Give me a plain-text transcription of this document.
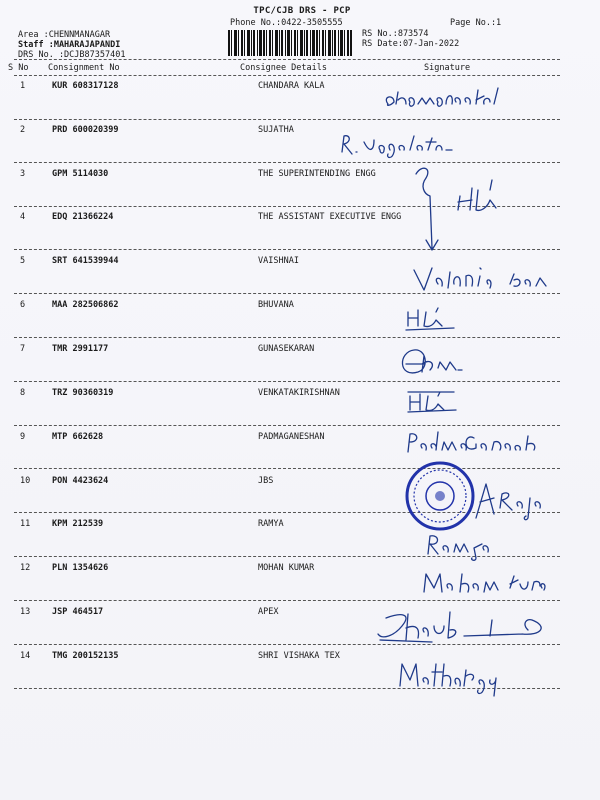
TPC/CJB DRS - PCP
Phone No.:0422-3505555
Area :CHENNMANAGAR
Staff :MAHARAJAPANDI
DRS No. :DCJB87357401
Page No.:1
RS No.:873574
RS Date:07-Jan-2022
S No Consignment No	Consignee Details	Signature
1	KUR 608317128	CHANDARA KALA
2	PRD 600020399	SUJATHA
3	GPM 5114030	THE SUPERINTENDING ENGG
4	EDQ 21366224	THE ASSISTANT EXECUTIVE ENGG
5	SRT 641539944	VAISHNAI
6	MAA 282506862	BHUVANA
7	TMR 2991177	GUNASEKARAN
8	TRZ 90360319	VENKATAKIRISHNAN
9	MTP 662628	PADMAGANESHAN
10	PON 4423624	JBS
11	KPM 212539	RAMYA
12	PLN 1354626	MOHAN KUMAR
13	JSP 464517	APEX
14	TMG 200152135	SHRI VISHAKA TEX
